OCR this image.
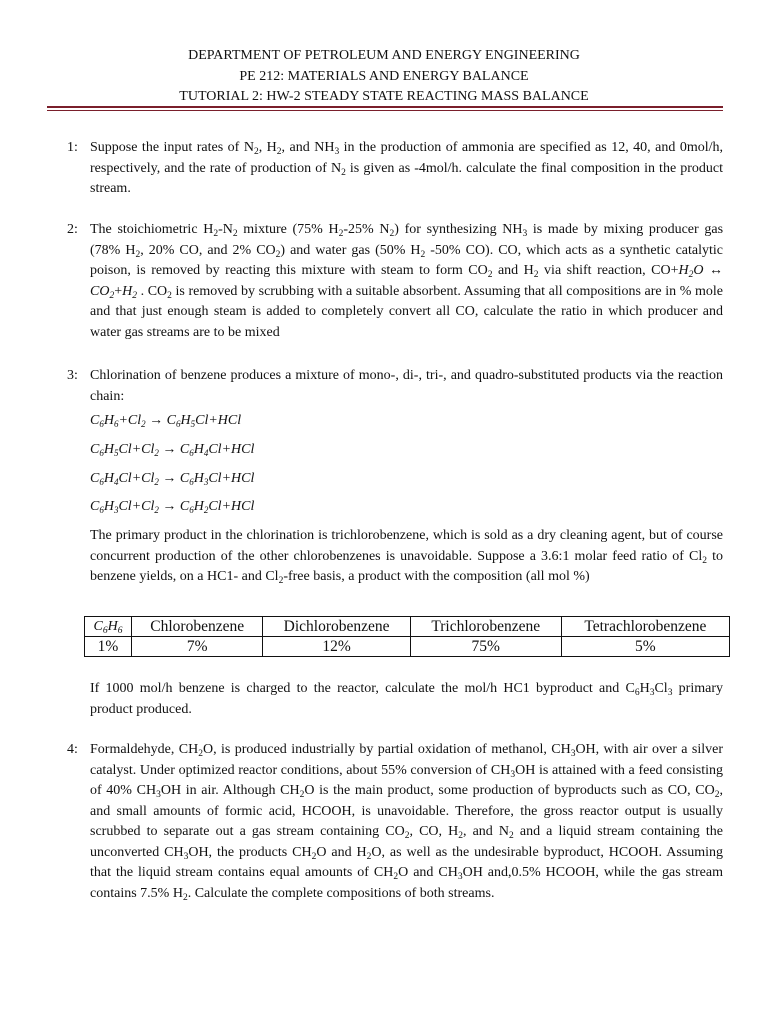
DEPARTMENT OF PETROLEUM AND ENERGY ENGINEERING
PE 212: MATERIALS AND ENERGY BALANCE
TUTORIAL 2: HW-2 STEADY STATE REACTING MASS BALANCE
1: Suppose the input rates of $N_2$, $H_2$, and $NH_3$ in the production of ammonia are specified as 12, 40, and 0mol/h, respectively, and the rate of production of $N_2$ is given as -4mol/h. calculate the final composition in the product stream.
2: The stoichiometric $H_2-N_2$ mixture (75% $H_2-25\%$ $N_2$) for synthesizing $NH_3$ is made by mixing producer gas (78% $H_2$, 20% CO, and 2% $CO_2$) and water gas (50% $H_2$ -50% CO). CO, which acts as a synthetic catalytic poison, is removed by reacting this mixture with steam to form $CO_2$ and $H_2$ via shift reaction, $CO+H_2O$ ↔ $CO_2+H_2$ . $CO_2$ is removed by scrubbing with a suitable absorbent. Assuming that all compositions are in % mole and that just enough steam is added to completely convert all CO, calculate the ratio in which producer and water gas streams are to be mixed
3: Chlorination of benzene produces a mixture of mono-, di-, tri-, and quadro-substituted products via the reaction chain:
$C_6H_6+Cl_2 \to C_6H_5Cl+HCl$
$C_6H_5Cl+Cl_2 \to C_6H_4Cl+HCl$
$C_6H_4Cl+Cl_2 \to C_6H_3Cl+HCl$
$C_6H_3Cl+Cl_2 \to C_6H_2Cl+HCl$
The primary product in the chlorination is trichlorobenzene, which is sold as a dry cleaning agent, but of course concurrent production of the other chlorobenzenes is unavoidable. Suppose a 3.6:1 molar feed ratio of $Cl_2$ to benzene yields, on a HC1- and $Cl_2$-free basis, a product with the composition (all mol %)
$C_6H_6$	Chlorobenzene	Dichlorobenzene	Trichlorobenzene	Tetrachlorobenzene
1%	7%	12%	75%	5%
If 1000 mol/h benzene is charged to the reactor, calculate the mol/h HC1 byproduct and $C_6H_3Cl_3$ primary product produced.
4: Formaldehyde, $CH_2O$, is produced industrially by partial oxidation of methanol, $CH_3OH$, with air over a silver catalyst. Under optimized reactor conditions, about 55% conversion of $CH_3OH$ is attained with a feed consisting of 40% $CH_3OH$ in air. Although $CH_2O$ is the main product, some production of byproducts such as CO, $CO_2$, and small amounts of formic acid, HCOOH, is unavoidable. Therefore, the gross reactor output is usually scrubbed to separate out a gas stream containing $CO_2$, CO, $H_2$, and $N_2$ and a liquid stream containing the unconverted $CH_3OH$, the products $CH_2O$ and $H_2O$, as well as the undesirable byproduct, HCOOH. Assuming that the liquid stream contains equal amounts of $CH_2O$ and $CH_3OH$ and,0.5% HCOOH, while the gas stream contains 7.5% $H_2$. Calculate the complete compositions of both streams.
